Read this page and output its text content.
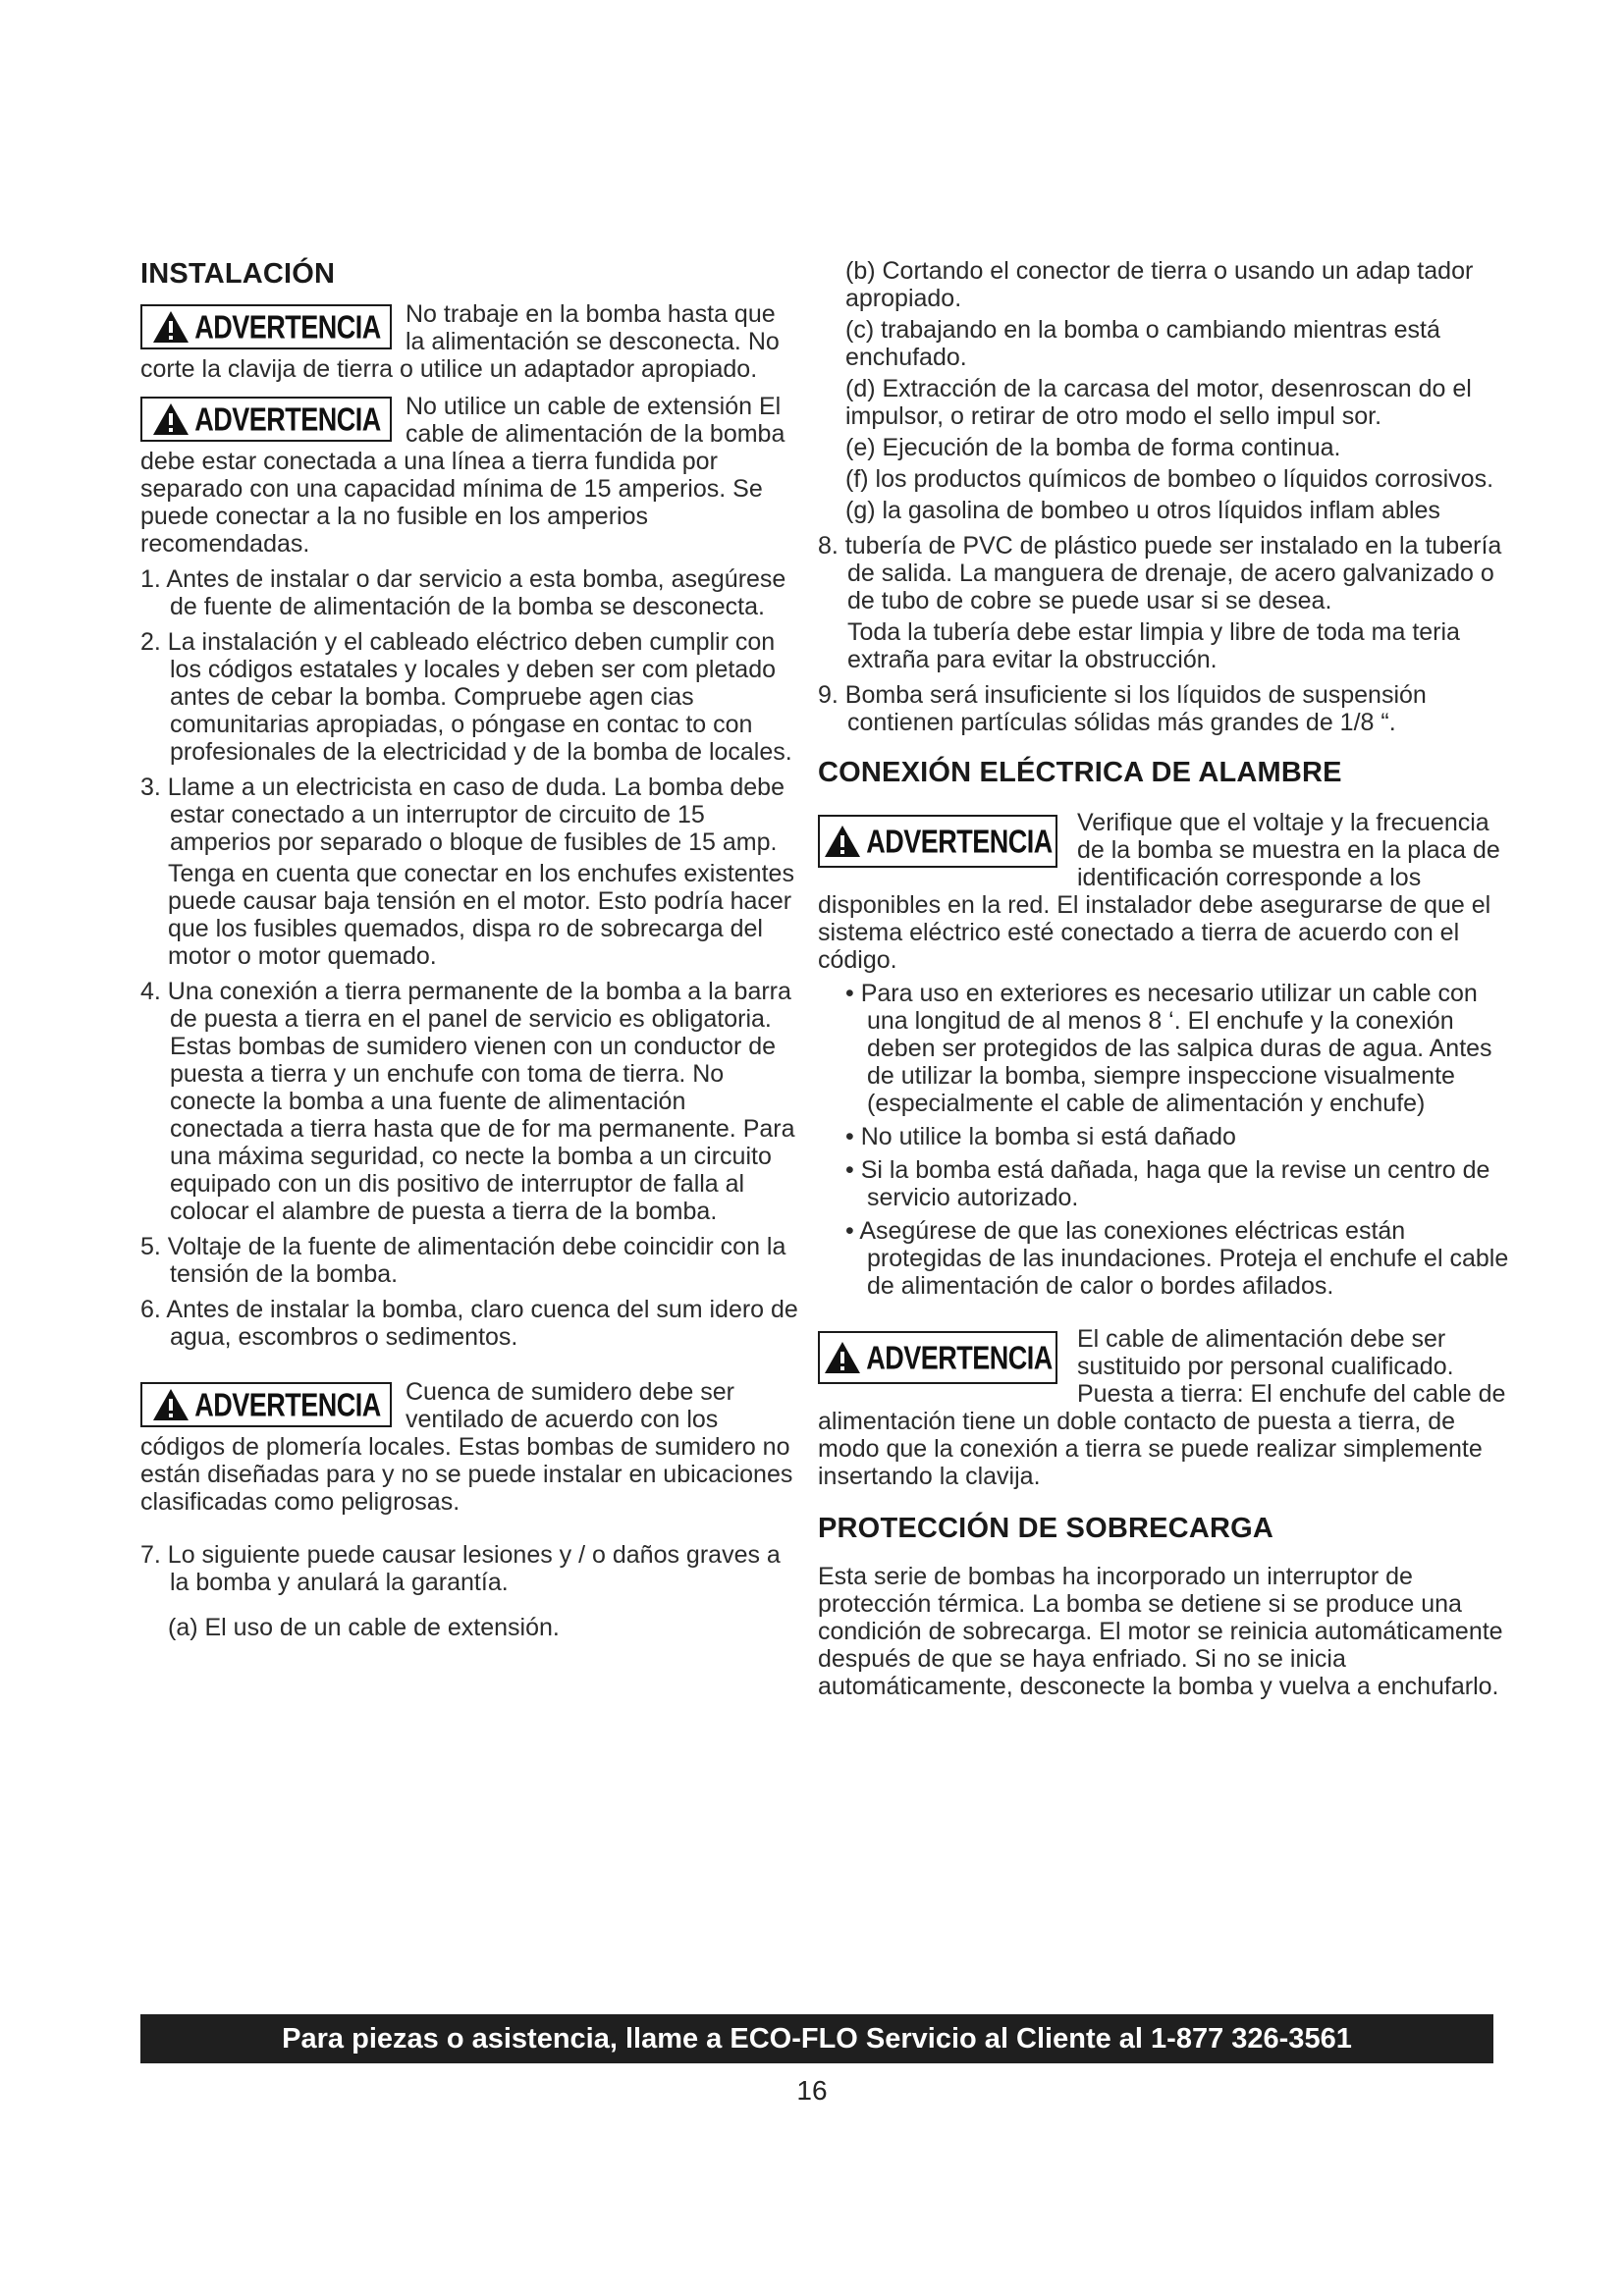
INSTALACIÓN
ADVERTENCIA	No trabaje en la bomba hasta que la alimentación se desconecta. No corte la clavija de tierra o utilice un adaptador apropiado.

ADVERTENCIA	No utilice un cable de extensión El cable de alimentación de la bomba debe estar conectada a una línea a tierra fundida por separado con una capacidad mínima de 15 amperios. Se puede conectar a la no fusible en los amperios recomendadas.

1. Antes de instalar o dar servicio a esta bomba, asegúrese de fuente de alimentación de la bomba se desconecta.

2. La instalación y el cableado eléctrico deben cumplir con los códigos estatales y locales y deben ser com pletado antes de cebar la bomba. Compruebe agen cias comunitarias apropiadas, o póngase en contac to con profesionales de la electricidad y de la bomba de locales.

3. Llame a un electricista en caso de duda. La bomba debe estar conectado a un interruptor de circuito de 15 amperios por separado o bloque de fusibles de 15 amp.

Tenga en cuenta que conectar en los enchufes existentes puede causar baja tensión en el motor. Esto podría hacer que los fusibles quemados, dispa ro de sobrecarga del motor o motor quemado.

4. Una conexión a tierra permanente de la bomba a la barra de puesta a tierra en el panel de servicio es obligatoria. Estas bombas de sumidero vienen con un conductor de puesta a tierra y un enchufe con toma de tierra. No conecte la bomba a una fuente de alimentación conectada a tierra hasta que de for ma permanente. Para una máxima seguridad, co necte la bomba a un circuito equipado con un dis positivo de interruptor de falla al colocar el alambre de puesta a tierra de la bomba.

5. Voltaje de la fuente de alimentación debe coincidir con la tensión de la bomba.

6. Antes de instalar la bomba, claro cuenca del sum idero de agua, escombros o sedimentos.

ADVERTENCIA	Cuenca de sumidero debe ser ventilado de acuerdo con los códigos de plomería locales. Estas bombas de sumidero no están diseñadas para y no se puede instalar en ubicaciones clasificadas como peligrosas.

7. Lo siguiente puede causar lesiones y / o daños graves a la bomba y anulará la garantía.

(a) El uso de un cable de extensión.

(b) Cortando el conector de tierra o usando un adap tador apropiado.

(c) trabajando en la bomba o cambiando mientras está enchufado.

(d) Extracción de la carcasa del motor, desenroscan do el impulsor, o retirar de otro modo el sello impul sor.

(e) Ejecución de la bomba de forma continua.

(f) los productos químicos de bombeo o líquidos corrosivos.

(g) la gasolina de bombeo u otros líquidos inflam ables

8. tubería de PVC de plástico puede ser instalado en la tubería de salida. La manguera de drenaje, de acero galvanizado o de tubo de cobre se puede usar si se desea.

Toda la tubería debe estar limpia y libre de toda ma teria extraña para evitar la obstrucción.

9. Bomba será insuficiente si los líquidos de suspensión contienen partículas sólidas más grandes de 1/8 “.

CONEXIÓN ELÉCTRICA DE ALAMBRE
ADVERTENCIA

Verifique que el voltaje y la frecuencia de la bomba se muestra en la placa de identificación corresponde a los disponibles en la red. El instalador debe asegurarse de que el sistema eléctrico esté conectado a tierra de acuerdo con el código.

• Para uso en exteriores es necesario utilizar un cable con una longitud de al menos 8 ‘. El enchufe y la conexión deben ser protegidos de las salpica duras de agua. Antes de utilizar la bomba, siempre inspeccione visualmente (especialmente el cable de alimentación y enchufe)

• No utilice la bomba si está dañado

• Si la bomba está dañada, haga que la revise un centro de servicio autorizado.

• Asegúrese de que las conexiones eléctricas están protegidas de las inundaciones. Proteja el enchufe el cable de alimentación de calor o bordes afilados.

ADVERTENCIA

El cable de alimentación debe ser sustituido por personal cualificado. Puesta a tierra: El enchufe del cable de alimentación tiene un doble contacto de puesta a tierra, de modo que la conexión a tierra se puede realizar simplemente insertando la clavija.

PROTECCIÓN DE SOBRECARGA

Esta serie de bombas ha incorporado un interruptor de protección térmica. La bomba se detiene si se produce una condición de sobrecarga. El motor se reinicia automáticamente después de que se haya enfriado. Si no se inicia automáticamente, desconecte la bomba y vuelva a enchufarlo.

Para piezas o asistencia, llame a ECO-FLO Servicio al Cliente al 1-877 326-3561
16
